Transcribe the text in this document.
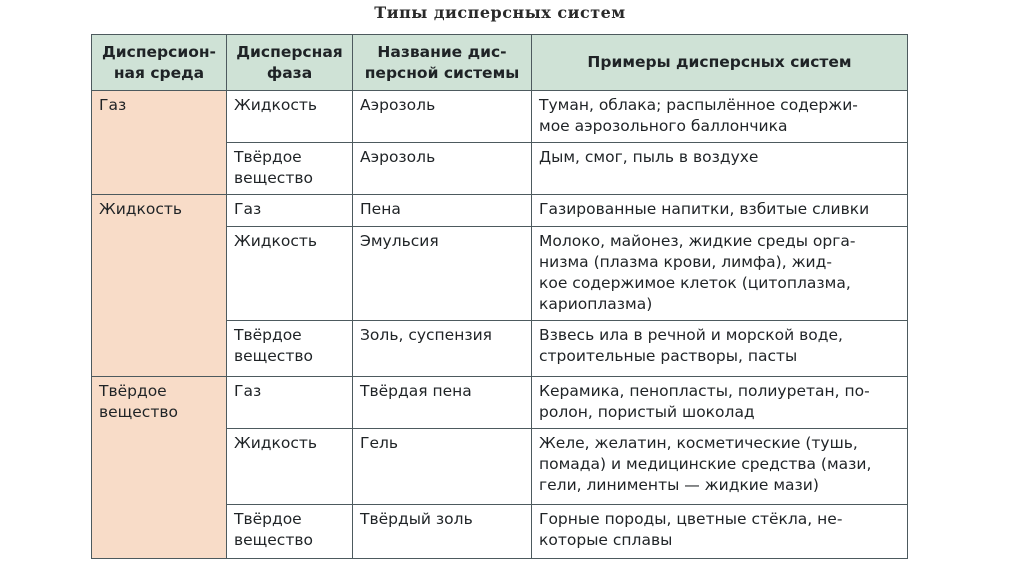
Типы дисперсных систем
Дисперсион-
ная среда	Дисперсная
фаза	Название дис-
персной системы	Примеры дисперсных систем
Газ	Жидкость	Аэрозоль	Туман, облака; распылённое содержи-
мое аэрозольного баллончика
	Твёрдое
вещество	Аэрозоль	Дым, смог, пыль в воздухе
Жидкость	Газ	Пена	Газированные напитки, взбитые сливки
	Жидкость	Эмульсия	Молоко, майонез, жидкие среды орга-
низма (плазма крови, лимфа), жид-
кое содержимое клеток (цитоплазма,
кариоплазма)
	Твёрдое
вещество	Золь, суспензия	Взвесь ила в речной и морской воде,
строительные растворы, пасты
Твёрдое
вещество	Газ	Твёрдая пена	Керамика, пенопласты, полиуретан, по-
ролон, пористый шоколад
	Жидкость	Гель	Желе, желатин, косметические (тушь,
помада) и медицинские средства (мази,
гели, линименты — жидкие мази)
	Твёрдое
вещество	Твёрдый золь	Горные породы, цветные стёкла, не-
которые сплавы
